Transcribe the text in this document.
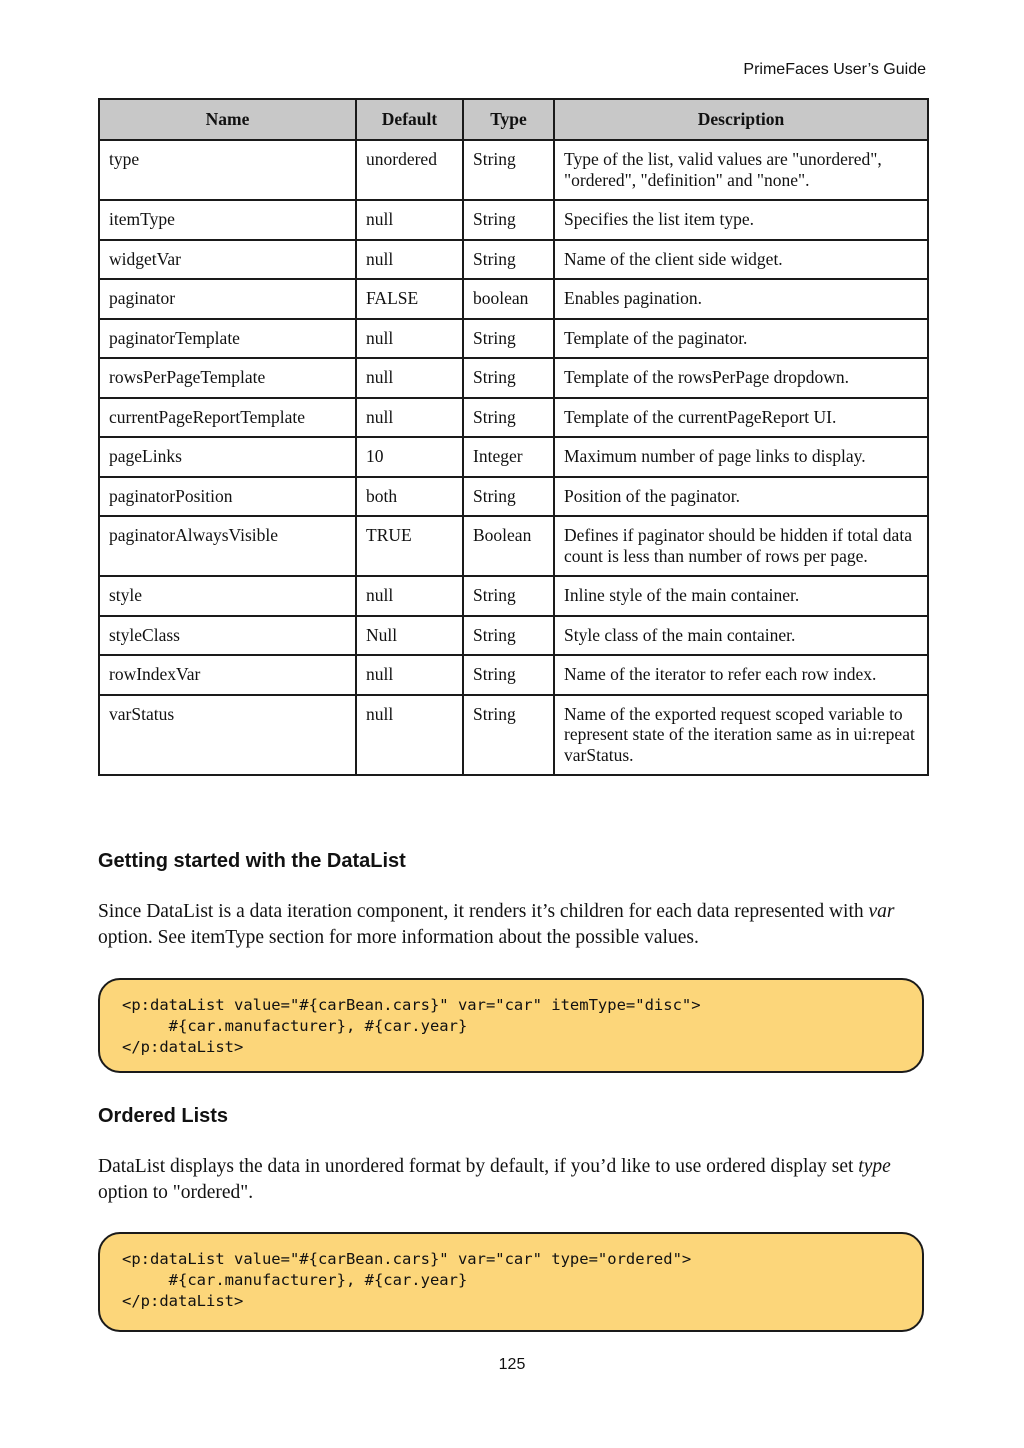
PrimeFaces User’s Guide
Name	Default	Type	Description
type	unordered	String	Type of the list, valid values are "unordered", "ordered", "definition" and "none".
itemType	null	String	Specifies the list item type.
widgetVar	null	String	Name of the client side widget.
paginator	FALSE	boolean	Enables pagination.
paginatorTemplate	null	String	Template of the paginator.
rowsPerPageTemplate	null	String	Template of the rowsPerPage dropdown.
currentPageReportTemplate	null	String	Template of the currentPageReport UI.
pageLinks	10	Integer	Maximum number of page links to display.
paginatorPosition	both	String	Position of the paginator.
paginatorAlwaysVisible	TRUE	Boolean	Defines if paginator should be hidden if total data count is less than number of rows per page.
style	null	String	Inline style of the main container.
styleClass	Null	String	Style class of the main container.
rowIndexVar	null	String	Name of the iterator to refer each row index.
varStatus	null	String	Name of the exported request scoped variable to represent state of the iteration same as in ui:repeat varStatus.
Getting started with the DataList

Since DataList is a data iteration component, it renders it’s children for each data represented with var option. See itemType section for more information about the possible values.

<p:dataList value="#{carBean.cars}" var="car" itemType="disc">
#{car.manufacturer}, #{car.year}
</p:dataList>
Ordered Lists

DataList displays the data in unordered format by default, if you’d like to use ordered display set type option to "ordered".

<p:dataList value="#{carBean.cars}" var="car" type="ordered">
#{car.manufacturer}, #{car.year}
</p:dataList>
125
